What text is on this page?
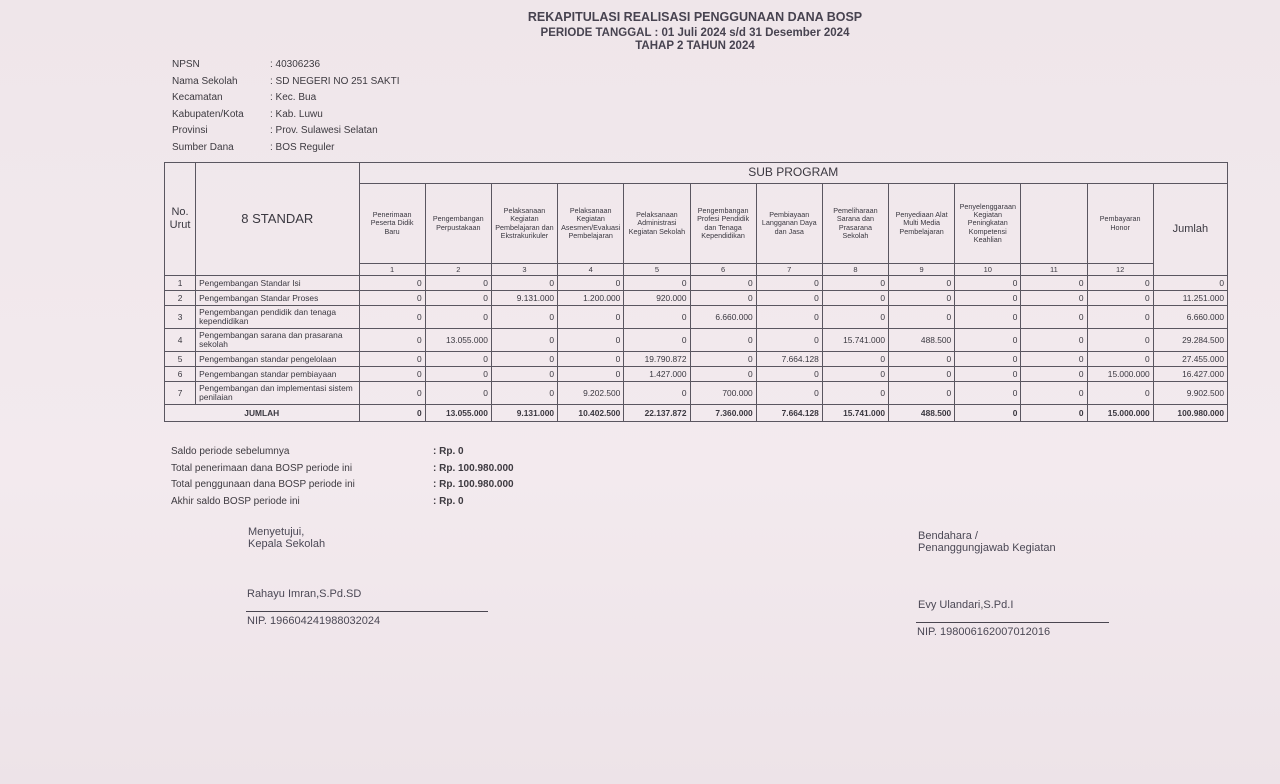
REKAPITULASI REALISASI PENGGUNAAN DANA BOSP
PERIODE TANGGAL : 01 Juli 2024 s/d 31 Desember 2024
TAHAP 2 TAHUN 2024
NPSN	: 40306236
Nama Sekolah	: SD NEGERI NO 251 SAKTI
Kecamatan	: Kec. Bua
Kabupaten/Kota	: Kab. Luwu
Provinsi	: Prov. Sulawesi Selatan
Sumber Dana	: BOS Reguler
No. Urut	8 STANDAR	SUB PROGRAM												
		Penerimaan Peserta Didik Baru	Pengembangan Perpustakaan	Pelaksanaan Kegiatan Pembelajaran dan Ekstrakurikuler	Pelaksanaan Kegiatan Asesmen/Evaluasi Pembelajaran	Pelaksanaan Administrasi Kegiatan Sekolah	Pengembangan Profesi Pendidik dan Tenaga Kependidikan	Pembiayaan Langganan Daya dan Jasa	Pemeliharaan Sarana dan Prasarana Sekolah	Penyediaan Alat Multi Media Pembelajaran	Penyelenggaraan Kegiatan Peningkatan Kompetensi Keahlian		Pembayaran Honor	Jumlah
		1	2	3	4	5	6	7	8	9	10	11	12	
1	Pengembangan Standar Isi	0	0	0	0	0	0	0	0	0	0	0	0	0
2	Pengembangan Standar Proses	0	0	9.131.000	1.200.000	920.000	0	0	0	0	0	0	0	11.251.000
3	Pengembangan pendidik dan tenaga kependidikan	0	0	0	0	0	6.660.000	0	0	0	0	0	0	6.660.000
4	Pengembangan sarana dan prasarana sekolah	0	13.055.000	0	0	0	0	0	15.741.000	488.500	0	0	0	29.284.500
5	Pengembangan standar pengelolaan	0	0	0	0	19.790.872	0	7.664.128	0	0	0	0	0	27.455.000
6	Pengembangan standar pembiayaan	0	0	0	0	1.427.000	0	0	0	0	0	0	15.000.000	16.427.000
7	Pengembangan dan implementasi sistem penilaian	0	0	0	9.202.500	0	700.000	0	0	0	0	0	0	9.902.500
JUMLAH		0	13.055.000	9.131.000	10.402.500	22.137.872	7.360.000	7.664.128	15.741.000	488.500	0	0	15.000.000	100.980.000
Saldo periode sebelumnya	: Rp. 0
Total penerimaan dana BOSP periode ini	: Rp. 100.980.000
Total penggunaan dana BOSP periode ini	: Rp. 100.980.000
Akhir saldo BOSP periode ini	: Rp. 0
Menyetujui,
Kepala Sekolah
Rahayu Imran,S.Pd.SD
NIP. 196604241988032024
Bendahara /
Penanggungjawab Kegiatan
Evy Ulandari,S.Pd.I
NIP. 198006162007012016
